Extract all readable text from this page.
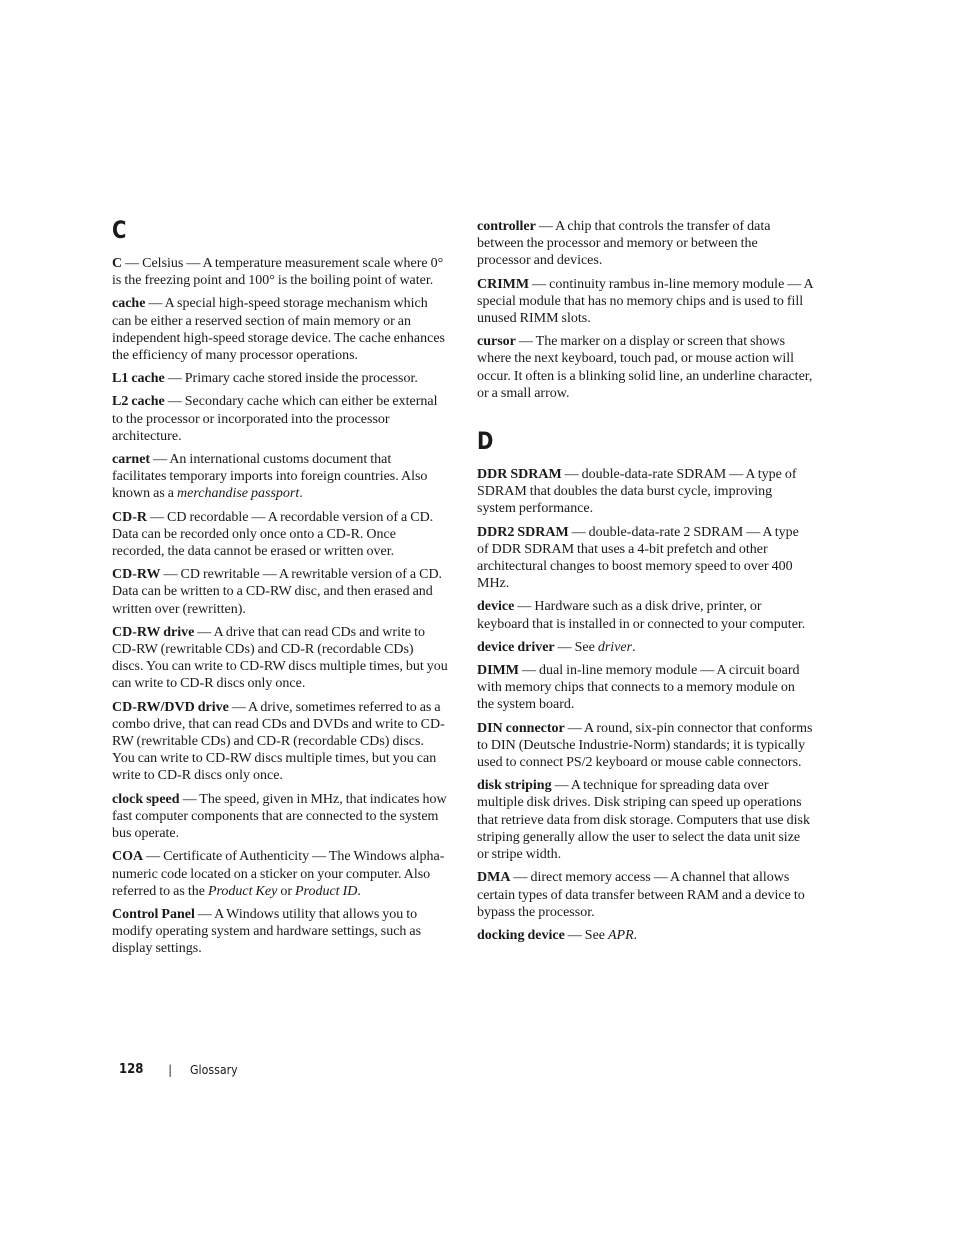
C

C — Celsius — A temperature measurement scale where 0° is the freezing point and 100° is the boiling point of water.

cache — A special high-speed storage mechanism which can be either a reserved section of main memory or an independent high-speed storage device. The cache enhances the efficiency of many processor operations.

L1 cache — Primary cache stored inside the processor.

L2 cache — Secondary cache which can either be external to the processor or incorporated into the processor architecture.

carnet — An international customs document that facilitates temporary imports into foreign countries. Also known as a merchandise passport.

CD-R — CD recordable — A recordable version of a CD. Data can be recorded only once onto a CD-R. Once recorded, the data cannot be erased or written over.

CD-RW — CD rewritable — A rewritable version of a CD. Data can be written to a CD-RW disc, and then erased and written over (rewritten).

CD-RW drive — A drive that can read CDs and write to CD-RW (rewritable CDs) and CD-R (recordable CDs) discs. You can write to CD-RW discs multiple times, but you can write to CD-R discs only once.

CD-RW/DVD drive — A drive, sometimes referred to as a combo drive, that can read CDs and DVDs and write to CD-RW (rewritable CDs) and CD-R (recordable CDs) discs. You can write to CD-RW discs multiple times, but you can write to CD-R discs only once.

clock speed — The speed, given in MHz, that indicates how fast computer components that are connected to the system bus operate.

COA — Certificate of Authenticity — The Windows alpha-numeric code located on a sticker on your computer. Also referred to as the Product Key or Product ID.

Control Panel — A Windows utility that allows you to modify operating system and hardware settings, such as display settings.

controller — A chip that controls the transfer of data between the processor and memory or between the processor and devices.

CRIMM — continuity rambus in-line memory module — A special module that has no memory chips and is used to fill unused RIMM slots.

cursor — The marker on a display or screen that shows where the next keyboard, touch pad, or mouse action will occur. It often is a blinking solid line, an underline character, or a small arrow.

D

DDR SDRAM — double-data-rate SDRAM — A type of SDRAM that doubles the data burst cycle, improving system performance.

DDR2 SDRAM — double-data-rate 2 SDRAM — A type of DDR SDRAM that uses a 4-bit prefetch and other architectural changes to boost memory speed to over 400 MHz.

device — Hardware such as a disk drive, printer, or keyboard that is installed in or connected to your computer.

device driver — See driver.

DIMM — dual in-line memory module — A circuit board with memory chips that connects to a memory module on the system board.

DIN connector — A round, six-pin connector that conforms to DIN (Deutsche Industrie-Norm) standards; it is typically used to connect PS/2 keyboard or mouse cable connectors.

disk striping — A technique for spreading data over multiple disk drives. Disk striping can speed up operations that retrieve data from disk storage. Computers that use disk striping generally allow the user to select the data unit size or stripe width.

DMA — direct memory access — A channel that allows certain types of data transfer between RAM and a device to bypass the processor.

docking device — See APR.

128 | Glossary
